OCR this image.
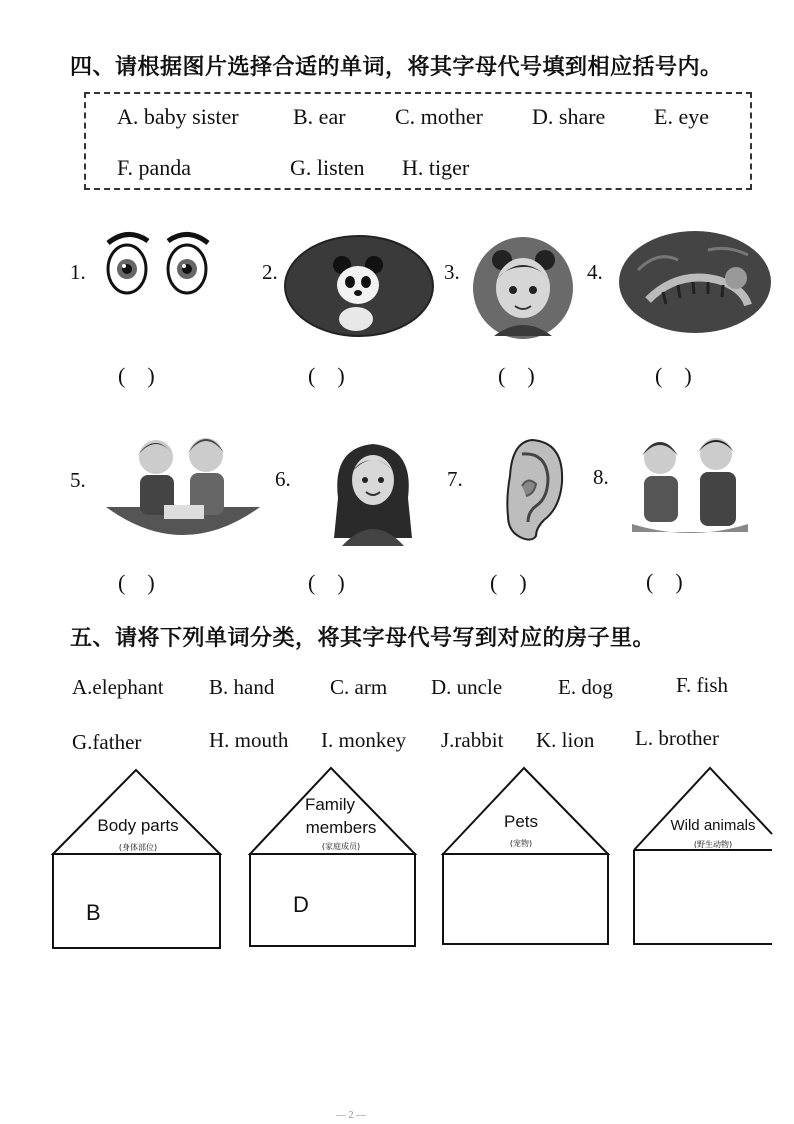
四、请根据图片选择合适的单词，将其字母代号填到相应括号内。
A. baby sister B. ear C. mother D. share E. eye
F. panda	G. listen H. tiger
1.	2.	3.	4.
(    )	(    )	(    )	(    )
5.	6.	7.	8.
(    )	(    )	(    )	(    )
五、请将下列单词分类，将其字母代号写到对应的房子里。
A.elephant B. hand	C. arm D. uncle	E. dog	F. fish
G.father	H. mouth I. monkey J.rabbit K. lion L. brother
Body parts
(身体部位)
B
Family
members
(家庭成员)
D
Pets
(宠物)
Wild animals
(野生动物)
— 2 —
